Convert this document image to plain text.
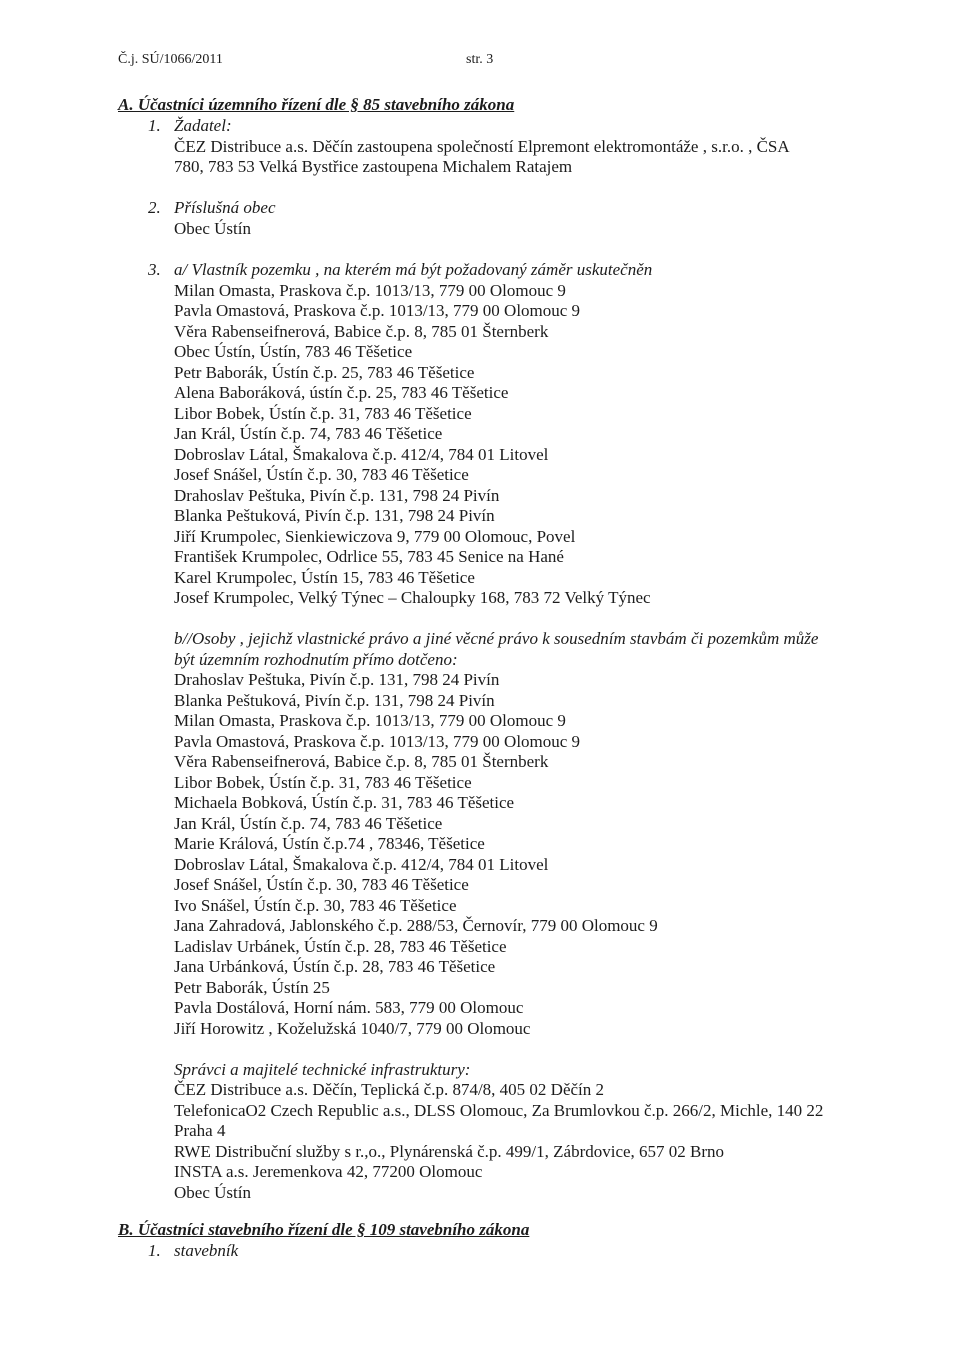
Č.j. SÚ/1066/2011	str. 3
A. Účastníci územního řízení dle § 85 stavebního zákona
1. Žadatel:
ČEZ Distribuce a.s. Děčín zastoupena společností Elpremont elektromontáže , s.r.o. , ČSA
780, 783 53 Velká Bystřice zastoupena Michalem Ratajem
2. Příslušná obec
Obec Ústín
3. a/ Vlastník pozemku , na kterém má být požadovaný záměr uskutečněn
Milan Omasta, Praskova č.p. 1013/13, 779 00 Olomouc 9
Pavla Omastová, Praskova č.p. 1013/13, 779 00 Olomouc 9
Věra Rabenseifnerová, Babice č.p. 8, 785 01 Šternberk
Obec Ústín, Ústín, 783 46 Těšetice
Petr Baborák, Ústín č.p. 25, 783 46 Těšetice
Alena Baboráková, ústín č.p. 25, 783 46 Těšetice
Libor Bobek, Ústín č.p. 31, 783 46 Těšetice
Jan Král, Ústín č.p. 74, 783 46 Těšetice
Dobroslav Látal, Šmakalova č.p. 412/4, 784 01 Litovel
Josef Snášel, Ústín č.p. 30, 783 46 Těšetice
Drahoslav Peštuka, Pivín č.p. 131, 798 24 Pivín
Blanka Peštuková, Pivín č.p. 131, 798 24 Pivín
Jiří Krumpolec, Sienkiewiczova 9, 779 00 Olomouc, Povel
František Krumpolec, Odrlice 55, 783 45 Senice na Hané
Karel Krumpolec, Ústín 15, 783 46 Těšetice
Josef Krumpolec, Velký Týnec – Chaloupky 168, 783 72 Velký Týnec
b//Osoby , jejichž vlastnické právo a jiné věcné právo k sousedním stavbám či pozemkům může
být územním rozhodnutím přímo dotčeno:
Drahoslav Peštuka, Pivín č.p. 131, 798 24 Pivín
Blanka Peštuková, Pivín č.p. 131, 798 24 Pivín
Milan Omasta, Praskova č.p. 1013/13, 779 00 Olomouc 9
Pavla Omastová, Praskova č.p. 1013/13, 779 00 Olomouc 9
Věra Rabenseifnerová, Babice č.p. 8, 785 01 Šternberk
Libor Bobek, Ústín č.p. 31, 783 46 Těšetice
Michaela Bobková, Ústín č.p. 31, 783 46 Těšetice
Jan Král, Ústín č.p. 74, 783 46 Těšetice
Marie Králová, Ústín č.p.74 , 78346, Těšetice
Dobroslav Látal, Šmakalova č.p. 412/4, 784 01 Litovel
Josef Snášel, Ústín č.p. 30, 783 46 Těšetice
Ivo Snášel, Ústín č.p. 30, 783 46 Těšetice
Jana Zahradová, Jablonského č.p. 288/53, Černovír, 779 00 Olomouc 9
Ladislav Urbánek, Ústín č.p. 28, 783 46 Těšetice
Jana Urbánková, Ústín č.p. 28, 783 46 Těšetice
Petr Baborák, Ústín 25
Pavla Dostálová, Horní nám. 583, 779 00 Olomouc
Jiří Horowitz , Koželužská 1040/7, 779 00 Olomouc
Správci a majitelé technické infrastruktury:
ČEZ Distribuce a.s. Děčín, Teplická č.p. 874/8, 405 02 Děčín 2
TelefonicaO2 Czech Republic a.s., DLSS Olomouc, Za Brumlovkou č.p. 266/2, Michle, 140 22
Praha 4
RWE Distribuční služby s r.,o., Plynárenská č.p. 499/1, Zábrdovice, 657 02 Brno
INSTA a.s. Jeremenkova 42, 77200 Olomouc
Obec Ústín
B. Účastníci stavebního řízení dle § 109 stavebního zákona
1. stavebník
